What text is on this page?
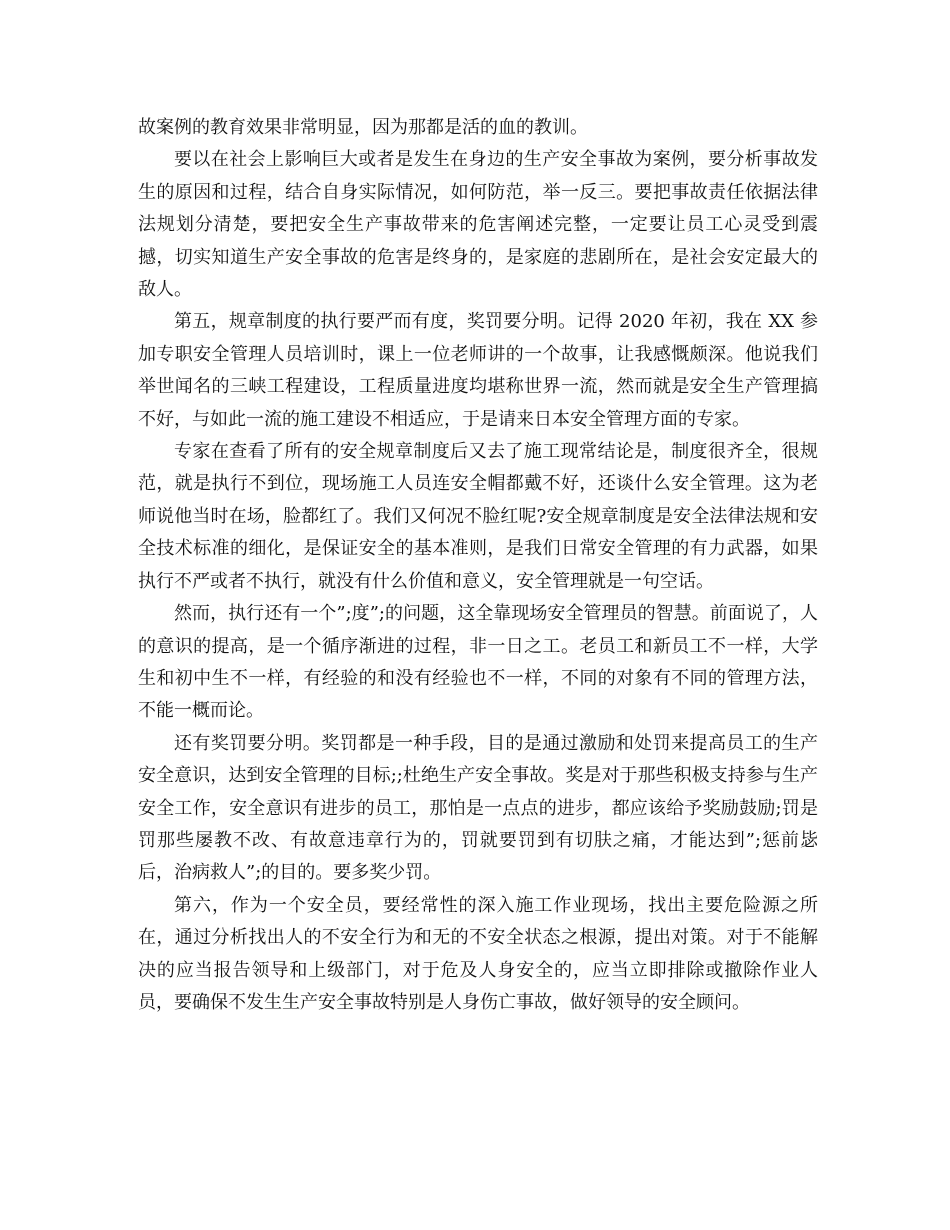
故案例的教育效果非常明显，因为那都是活的血的教训。

要以在社会上影响巨大或者是发生在身边的生产安全事故为案例，要分析事故发生的原因和过程，结合自身实际情况，如何防范，举一反三。要把事故责任依据法律法规划分清楚，要把安全生产事故带来的危害阐述完整，一定要让员工心灵受到震撼，切实知道生产安全事故的危害是终身的，是家庭的悲剧所在，是社会安定最大的敌人。

第五，规章制度的执行要严而有度，奖罚要分明。记得 2020 年初，我在 XX 参加专职安全管理人员培训时，课上一位老师讲的一个故事，让我感慨颇深。他说我们举世闻名的三峡工程建设，工程质量进度均堪称世界一流，然而就是安全生产管理搞不好，与如此一流的施工建设不相适应，于是请来日本安全管理方面的专家。

专家在查看了所有的安全规章制度后又去了施工现常结论是，制度很齐全，很规范，就是执行不到位，现场施工人员连安全帽都戴不好，还谈什么安全管理。这为老师说他当时在场，脸都红了。我们又何况不脸红呢?安全规章制度是安全法律法规和安全技术标准的细化，是保证安全的基本准则，是我们日常安全管理的有力武器，如果执行不严或者不执行，就没有什么价值和意义，安全管理就是一句空话。

然而，执行还有一个”;度”;的问题，这全靠现场安全管理员的智慧。前面说了，人的意识的提高，是一个循序渐进的过程，非一日之工。老员工和新员工不一样，大学生和初中生不一样，有经验的和没有经验也不一样，不同的对象有不同的管理方法，不能一概而论。

还有奖罚要分明。奖罚都是一种手段，目的是通过激励和处罚来提高员工的生产安全意识，达到安全管理的目标;;杜绝生产安全事故。奖是对于那些积极支持参与生产安全工作，安全意识有进步的员工，那怕是一点点的进步，都应该给予奖励鼓励;罚是罚那些屡教不改、有故意违章行为的，罚就要罚到有切肤之痛，才能达到”;惩前毖后，治病救人”;的目的。要多奖少罚。

第六，作为一个安全员，要经常性的深入施工作业现场，找出主要危险源之所在，通过分析找出人的不安全行为和无的不安全状态之根源，提出对策。对于不能解决的应当报告领导和上级部门，对于危及人身安全的，应当立即排除或撤除作业人员，要确保不发生生产安全事故特别是人身伤亡事故，做好领导的安全顾问。
